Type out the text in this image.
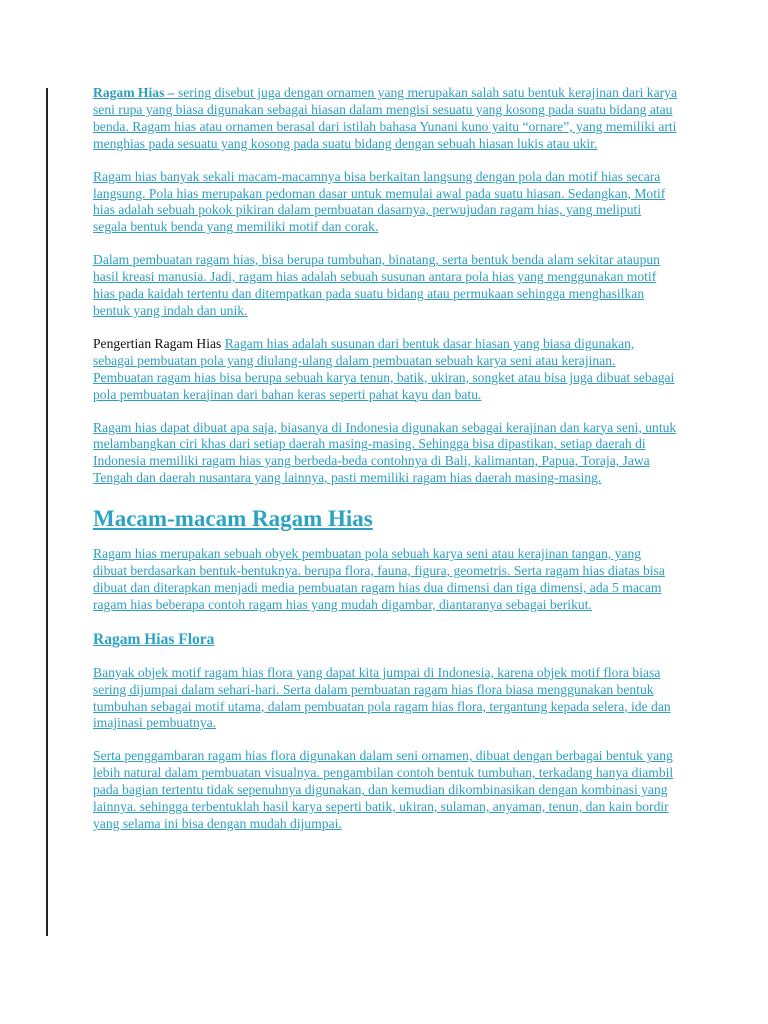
Ragam Hias – sering disebut juga dengan ornamen yang merupakan salah satu bentuk kerajinan dari karya seni rupa yang biasa digunakan sebagai hiasan dalam mengisi sesuatu yang kosong pada suatu bidang atau benda. Ragam hias atau ornamen berasal dari istilah bahasa Yunani kuno yaitu “ornare”, yang memiliki arti menghias pada sesuatu yang kosong pada suatu bidang dengan sebuah hiasan lukis atau ukir.

Ragam hias banyak sekali macam-macamnya bisa berkaitan langsung dengan pola dan motif hias secara langsung. Pola hias merupakan pedoman dasar untuk memulai awal pada suatu hiasan. Sedangkan, Motif hias adalah sebuah pokok pikiran dalam pembuatan dasarnya, perwujudan ragam hias, yang meliputi segala bentuk benda yang memiliki motif dan corak.

Dalam pembuatan ragam hias, bisa berupa tumbuhan, binatang, serta bentuk benda alam sekitar ataupun hasil kreasi manusia. Jadi, ragam hias adalah sebuah susunan antara pola hias yang menggunakan motif hias pada kaidah tertentu dan ditempatkan pada suatu bidang atau permukaan sehingga menghasilkan bentuk yang indah dan unik.

Pengertian Ragam Hias Ragam hias adalah susunan dari bentuk dasar hiasan yang biasa digunakan, sebagai pembuatan pola yang diulang-ulang dalam pembuatan sebuah karya seni atau kerajinan. Pembuatan ragam hias bisa berupa sebuah karya tenun, batik, ukiran, songket atau bisa juga dibuat sebagai pola pembuatan kerajinan dari bahan keras seperti pahat kayu dan batu.

Ragam hias dapat dibuat apa saja, biasanya di Indonesia digunakan sebagai kerajinan dan karya seni, untuk melambangkan ciri khas dari setiap daerah masing-masing. Sehingga bisa dipastikan, setiap daerah di Indonesia memiliki ragam hias yang berbeda-beda contohnya di Bali, kalimantan, Papua, Toraja, Jawa Tengah dan daerah nusantara yang lainnya, pasti memiliki ragam hias daerah masing-masing.

Macam-macam Ragam Hias

Ragam hias merupakan sebuah obyek pembuatan pola sebuah karya seni atau kerajinan tangan, yang dibuat berdasarkan bentuk-bentuknya. berupa flora, fauna, figura, geometris. Serta ragam hias diatas bisa dibuat dan diterapkan menjadi media pembuatan ragam hias dua dimensi dan tiga dimensi, ada 5 macam ragam hias beberapa contoh ragam hias yang mudah digambar, diantaranya sebagai berikut.

Ragam Hias Flora

Banyak objek motif ragam hias flora yang dapat kita jumpai di Indonesia, karena objek motif flora biasa sering dijumpai dalam sehari-hari. Serta dalam pembuatan ragam hias flora biasa menggunakan bentuk tumbuhan sebagai motif utama, dalam pembuatan pola ragam hias flora, tergantung kepada selera, ide dan imajinasi pembuatnya.

Serta penggambaran ragam hias flora digunakan dalam seni ornamen, dibuat dengan berbagai bentuk yang lebih natural dalam pembuatan visualnya. pengambilan contoh bentuk tumbuhan, terkadang hanya diambil pada bagian tertentu tidak sepenuhnya digunakan, dan kemudian dikombinasikan dengan kombinasi yang lainnya. sehingga terbentuklah hasil karya seperti batik, ukiran, sulaman, anyaman, tenun, dan kain bordir yang selama ini bisa dengan mudah dijumpai.
